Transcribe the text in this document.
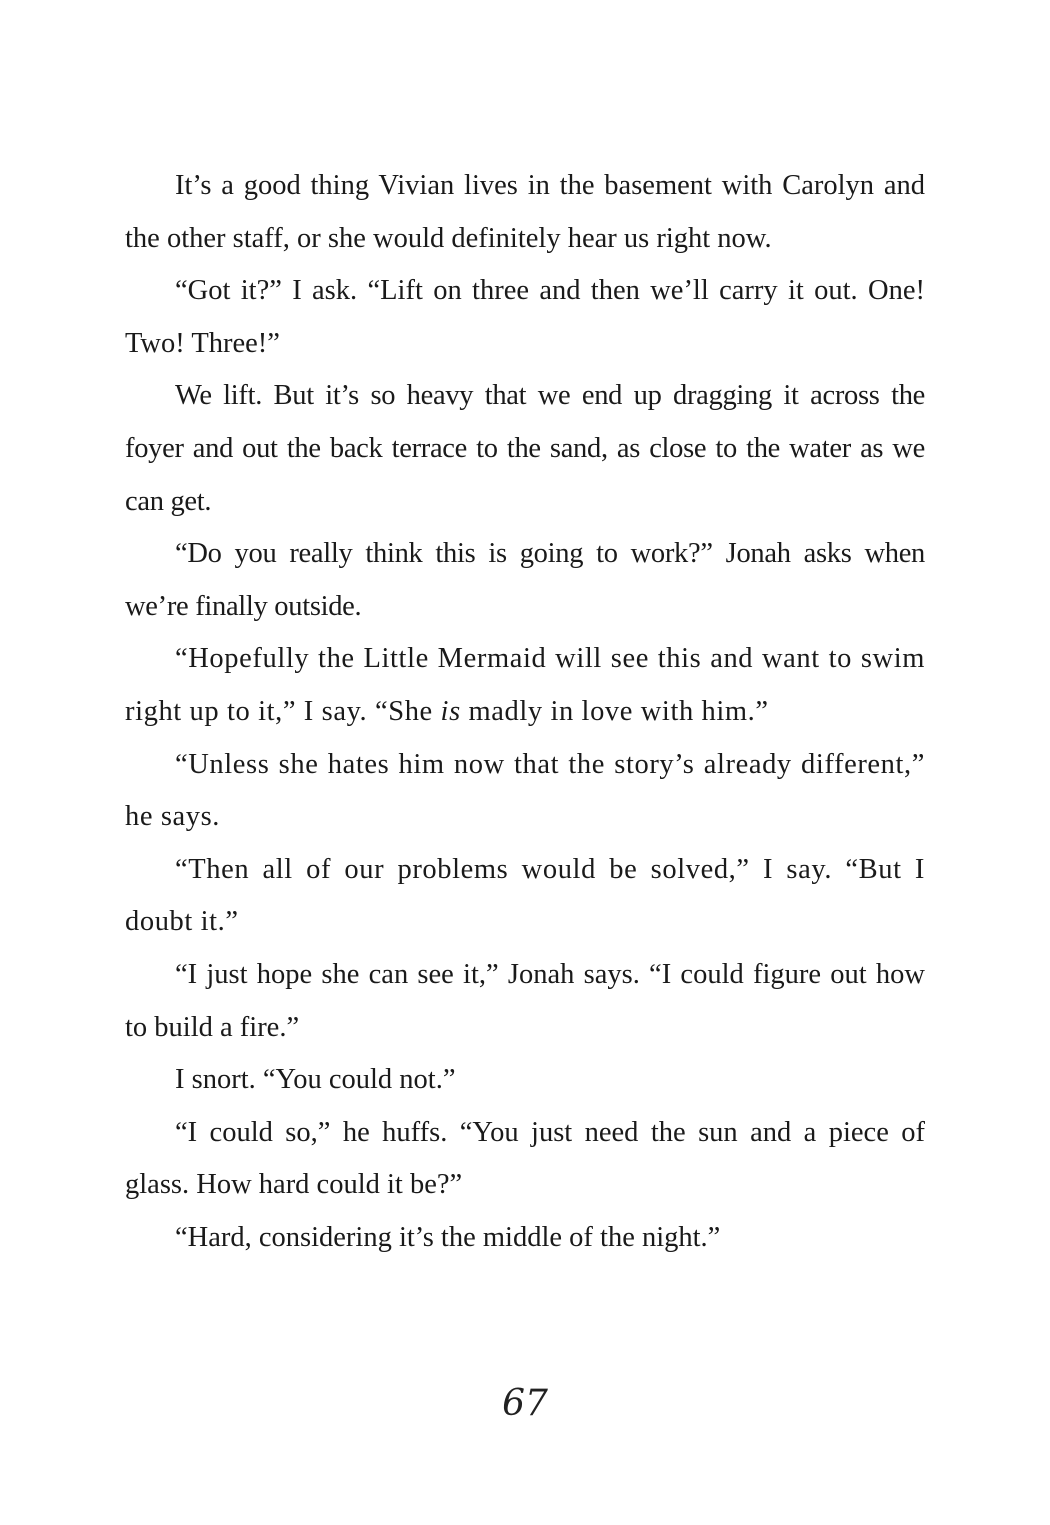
It’s a good thing Vivian lives in the basement with Carolyn and the other staff, or she would definitely hear us right now.

“Got it?” I ask. “Lift on three and then we’ll carry it out. One! Two! Three!”

We lift. But it’s so heavy that we end up dragging it across the foyer and out the back terrace to the sand, as close to the water as we can get.

“Do you really think this is going to work?” Jonah asks when we’re finally outside.

“Hopefully the Little Mermaid will see this and want to swim right up to it,” I say. “She is madly in love with him.”

“Unless she hates him now that the story’s already different,” he says.

“Then all of our problems would be solved,” I say. “But I doubt it.”

“I just hope she can see it,” Jonah says. “I could figure out how to build a fire.”

I snort. “You could not.”

“I could so,” he huffs. “You just need the sun and a piece of glass. How hard could it be?”

“Hard, considering it’s the middle of the night.”

67
